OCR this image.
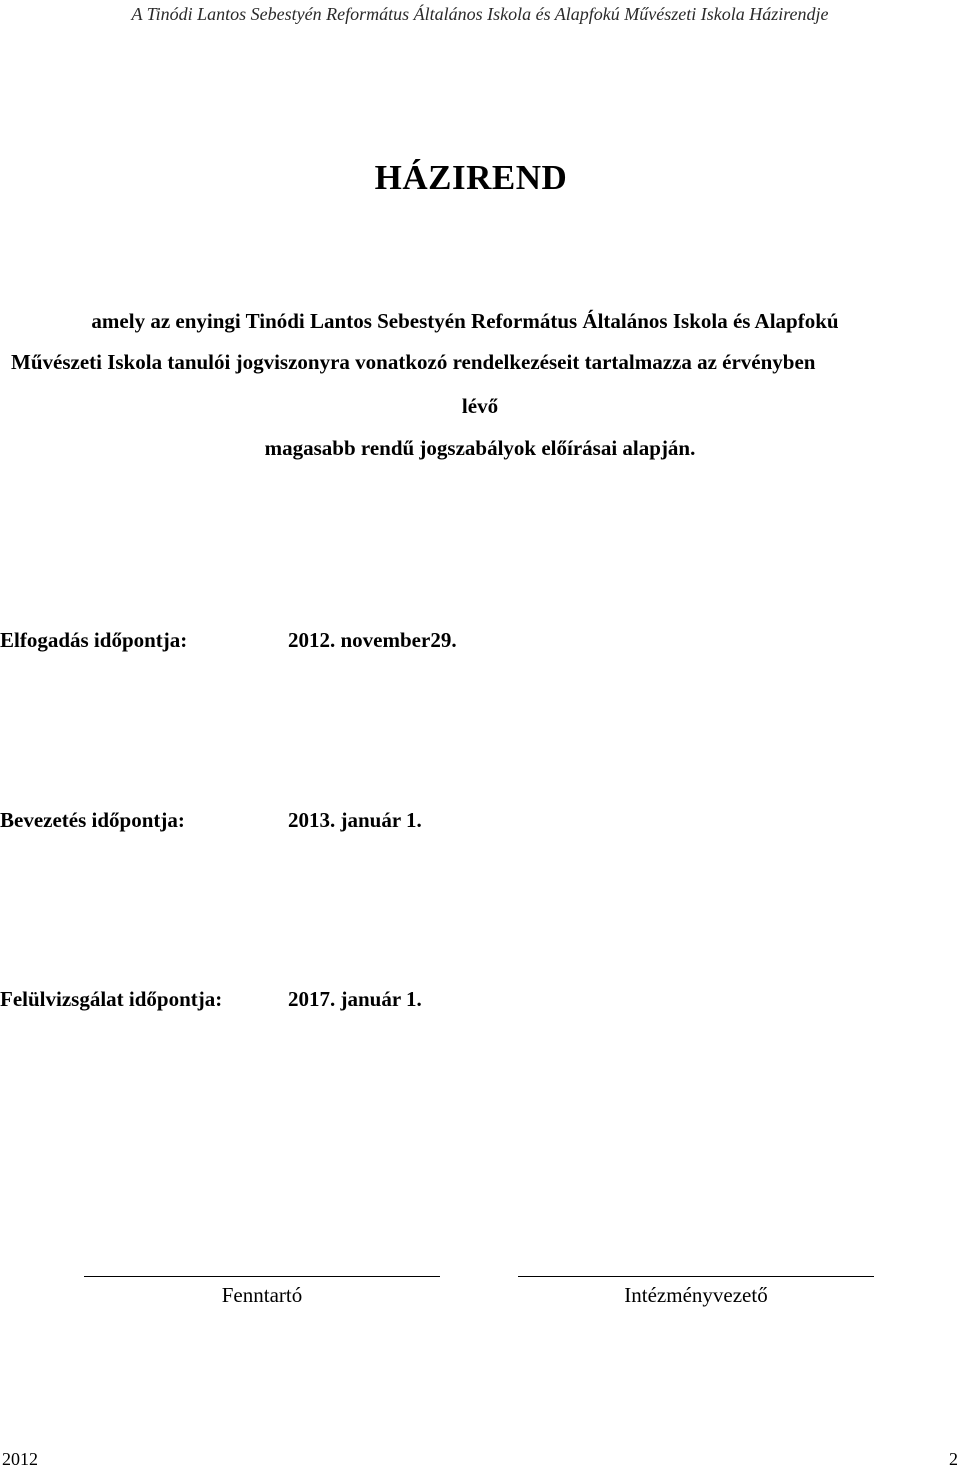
A Tinódi Lantos Sebestyén Református Általános Iskola és Alapfokú Művészeti Iskola Házirendje
HÁZIREND
amely az enyingi Tinódi Lantos Sebestyén Református Általános Iskola és Alapfokú
Művészeti Iskola tanulói jogviszonyra vonatkozó rendelkezéseit tartalmazza az érvényben
lévő
magasabb rendű jogszabályok előírásai alapján.
Elfogadás időpontja:	2012. november29.
Bevezetés időpontja:	2013. január 1.
Felülvizsgálat időpontja:	2017. január 1.
Fenntartó	Intézményvezető
2012	2
